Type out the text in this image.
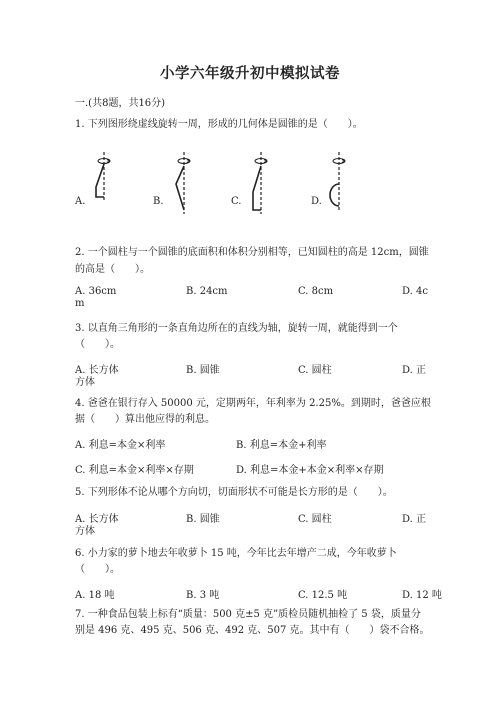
小学六年级升初中模拟试卷
一.(共8题，共16分)
1. 下列图形绕虚线旋转一周，形成的几何体是圆锥的是（　　）。
A.	B.	C.	D.
2. 一个圆柱与一个圆锥的底面积和体积分别相等，已知圆柱的高是 12cm，圆锥
的高是（　　）。
A. 36cm	B. 24cm	C. 8cm	D. 4c
m
3. 以直角三角形的一条直角边所在的直线为轴，旋转一周，就能得到一个
（　　）。
A. 长方体	B. 圆锥	C. 圆柱	D. 正
方体
4. 爸爸在银行存入 50000 元，定期两年，年利率为 2.25%。到期时，爸爸应根
据（　　）算出他应得的利息。
A. 利息=本金×利率	B. 利息=本金+利率
C. 利息=本金×利率×存期	D. 利息=本金+本金×利率×存期
5. 下列形体不论从哪个方向切，切面形状不可能是长方形的是（　　）。
A. 长方体	B. 圆锥	C. 圆柱	D. 正
方体
6. 小力家的萝卜地去年收萝卜 15 吨，今年比去年增产二成，今年收萝卜
（　　）。
A. 18 吨	B. 3 吨	C. 12.5 吨	D. 12 吨
7. 一种食品包装上标有“质量：500 克±5 克”质检员随机抽检了 5 袋，质量分
别是 496 克、495 克、506 克、492 克、507 克。其中有（　　）袋不合格。
